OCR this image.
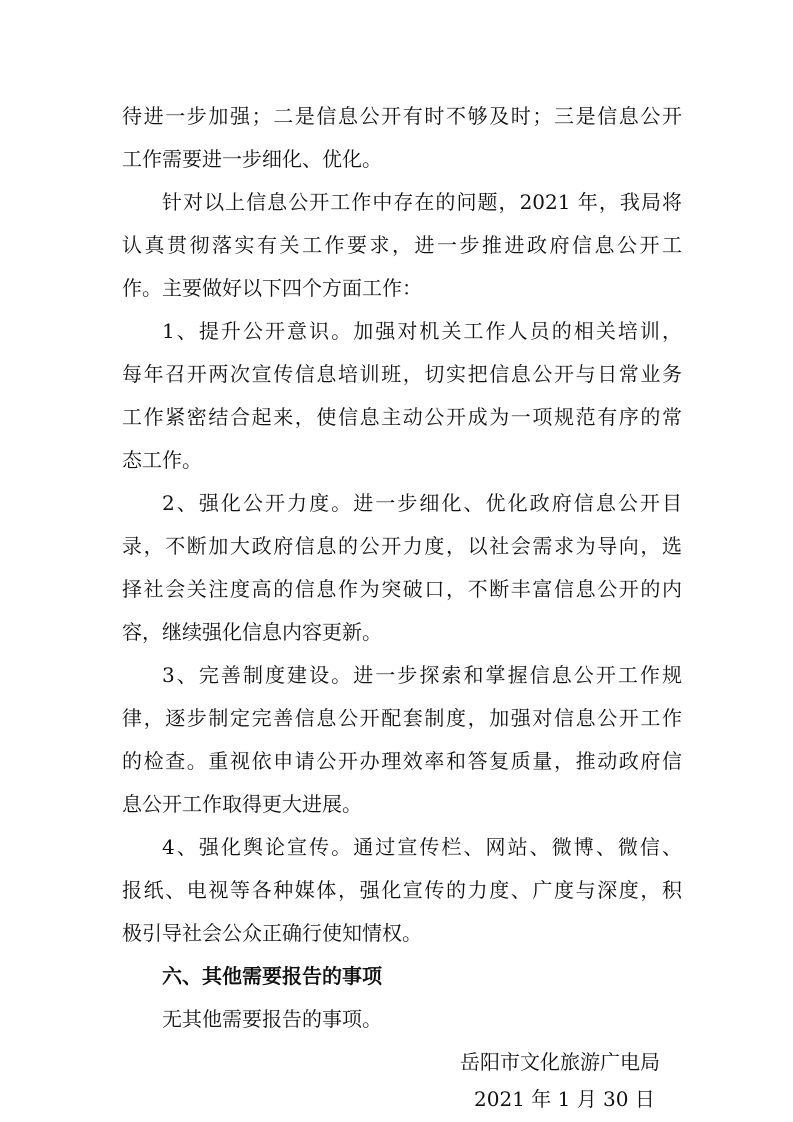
待进一步加强；二是信息公开有时不够及时；三是信息公开
工作需要进一步细化、优化。
针对以上信息公开工作中存在的问题，2021 年，我局将
认真贯彻落实有关工作要求，进一步推进政府信息公开工
作。主要做好以下四个方面工作：
1、提升公开意识。加强对机关工作人员的相关培训，
每年召开两次宣传信息培训班，切实把信息公开与日常业务
工作紧密结合起来，使信息主动公开成为一项规范有序的常
态工作。
2、强化公开力度。进一步细化、优化政府信息公开目
录，不断加大政府信息的公开力度，以社会需求为导向，选
择社会关注度高的信息作为突破口，不断丰富信息公开的内
容，继续强化信息内容更新。
3、完善制度建设。进一步探索和掌握信息公开工作规
律，逐步制定完善信息公开配套制度，加强对信息公开工作
的检查。重视依申请公开办理效率和答复质量，推动政府信
息公开工作取得更大进展。
4、强化舆论宣传。通过宣传栏、网站、微博、微信、
报纸、电视等各种媒体，强化宣传的力度、广度与深度，积
极引导社会公众正确行使知情权。
六、其他需要报告的事项
无其他需要报告的事项。
岳阳市文化旅游广电局
2021 年 1 月 30 日
